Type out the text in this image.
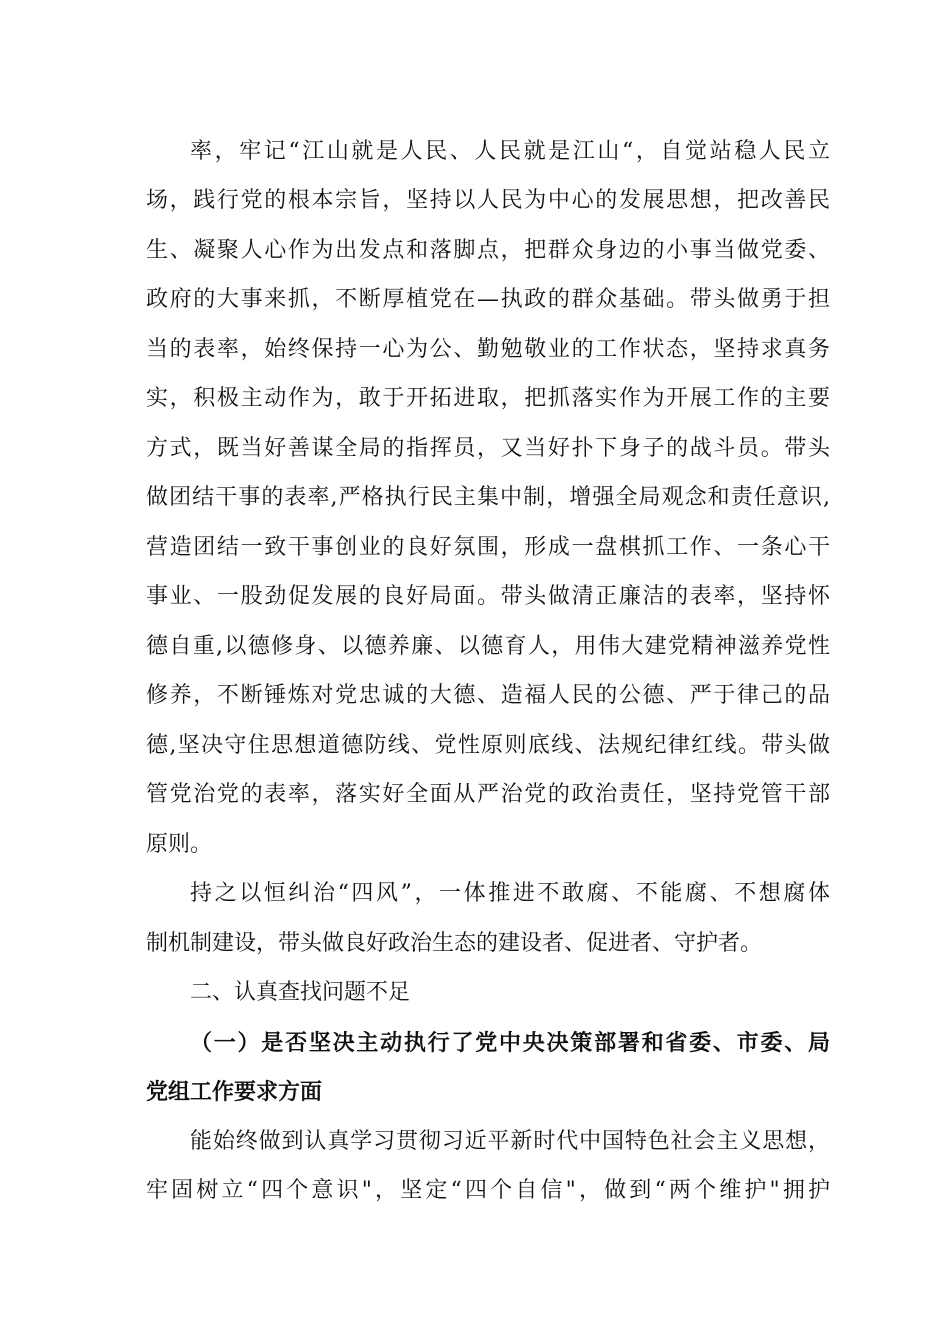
率，牢记“江山就是人民、人民就是江山“，自觉站稳人民立
场，践行党的根本宗旨，坚持以人民为中心的发展思想，把改善民
生、凝聚人心作为出发点和落脚点，把群众身边的小事当做党委、
政府的大事来抓，不断厚植党在—执政的群众基础。带头做勇于担
当的表率，始终保持一心为公、勤勉敬业的工作状态，坚持求真务
实，积极主动作为，敢于开拓进取，把抓落实作为开展工作的主要
方式，既当好善谋全局的指挥员，又当好扑下身子的战斗员。带头
做团结干事的表率,严格执行民主集中制，增强全局观念和责任意识,
营造团结一致干事创业的良好氛围，形成一盘棋抓工作、一条心干
事业、一股劲促发展的良好局面。带头做清正廉洁的表率，坚持怀
德自重,以德修身、以德养廉、以德育人，用伟大建党精神滋养党性
修养，不断锤炼对党忠诚的大德、造福人民的公德、严于律己的品
德,坚决守住思想道德防线、党性原则底线、法规纪律红线。带头做
管党治党的表率，落实好全面从严治党的政治责任，坚持党管干部
原则。
持之以恒纠治“四风”，一体推进不敢腐、不能腐、不想腐体
制机制建设，带头做良好政治生态的建设者、促进者、守护者。
二、认真查找问题不足
（一）是否坚决主动执行了党中央决策部署和省委、市委、局
党组工作要求方面
能始终做到认真学习贯彻习近平新时代中国特色社会主义思想，
牢固树立“四个意识"，坚定“四个自信"，做到“两个维护"拥护
